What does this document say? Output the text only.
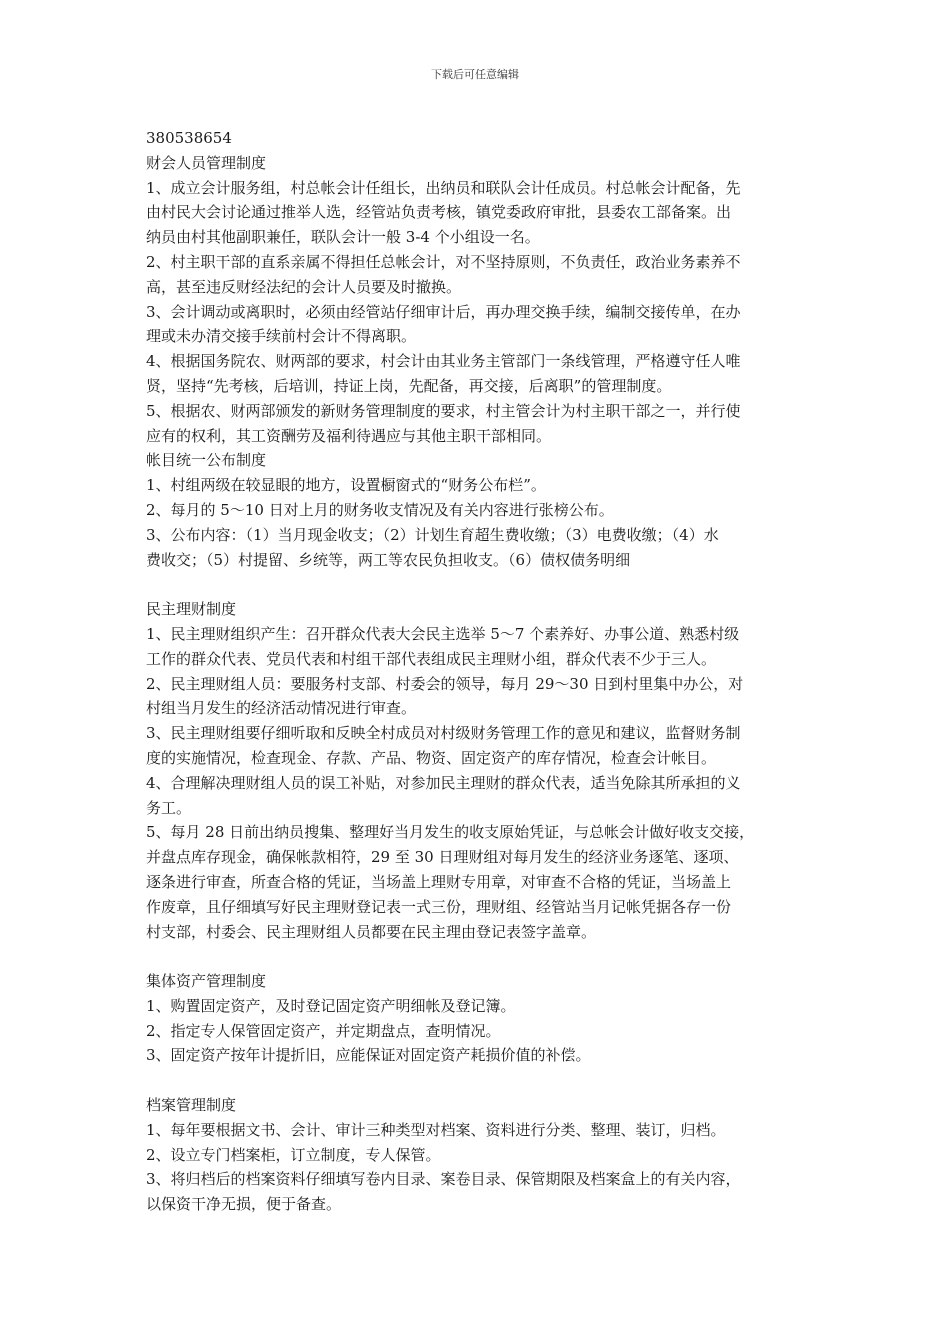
下载后可任意编辑

380538654

财会人员管理制度

1、成立会计服务组，村总帐会计任组长，出纳员和联队会计任成员。村总帐会计配备，先

由村民大会讨论通过推举人选，经管站负责考核，镇党委政府审批，县委农工部备案。出

纳员由村其他副职兼任，联队会计一般 3-4 个小组设一名。

2、村主职干部的直系亲属不得担任总帐会计，对不坚持原则，不负责任，政治业务素养不

高，甚至违反财经法纪的会计人员要及时撤换。

3、会计调动或离职时，必须由经管站仔细审计后，再办理交换手续，编制交接传单，在办

理或未办清交接手续前村会计不得离职。

4、根据国务院农、财两部的要求，村会计由其业务主管部门一条线管理，严格遵守任人唯

贤，坚持“先考核，后培训，持证上岗，先配备，再交接，后离职”的管理制度。

5、根据农、财两部颁发的新财务管理制度的要求，村主管会计为村主职干部之一，并行使

应有的权利，其工资酬劳及福利待遇应与其他主职干部相同。

帐目统一公布制度

1、村组两级在较显眼的地方，设置橱窗式的“财务公布栏”。

2、每月的 5～10 日对上月的财务收支情况及有关内容进行张榜公布。

3、公布内容：（1）当月现金收支；（2）计划生育超生费收缴；（3）电费收缴；（4）水

费收交；（5）村提留、乡统等，两工等农民负担收支。（6）债权债务明细

民主理财制度

1、民主理财组织产生：召开群众代表大会民主选举 5～7 个素养好、办事公道、熟悉村级

工作的群众代表、党员代表和村组干部代表组成民主理财小组，群众代表不少于三人。

2、民主理财组人员：要服务村支部、村委会的领导，每月 29～30 日到村里集中办公，对

村组当月发生的经济活动情况进行审查。

3、民主理财组要仔细听取和反映全村成员对村级财务管理工作的意见和建议，监督财务制

度的实施情况，检查现金、存款、产品、物资、固定资产的库存情况，检查会计帐目。

4、合理解决理财组人员的误工补贴，对参加民主理财的群众代表，适当免除其所承担的义

务工。

5、每月 28 日前出纳员搜集、整理好当月发生的收支原始凭证，与总帐会计做好收支交接，

并盘点库存现金，确保帐款相符，29 至 30 日理财组对每月发生的经济业务逐笔、逐项、

逐条进行审查，所查合格的凭证，当场盖上理财专用章，对审查不合格的凭证，当场盖上

作废章，且仔细填写好民主理财登记表一式三份，理财组、经管站当月记帐凭据各存一份

村支部，村委会、民主理财组人员都要在民主理由登记表签字盖章。

集体资产管理制度

1、购置固定资产，及时登记固定资产明细帐及登记簿。

2、指定专人保管固定资产，并定期盘点，查明情况。

3、固定资产按年计提折旧，应能保证对固定资产耗损价值的补偿。

档案管理制度

1、每年要根据文书、会计、审计三种类型对档案、资料进行分类、整理、装订，归档。

2、设立专门档案柜，订立制度，专人保管。

3、将归档后的档案资料仔细填写卷内目录、案卷目录、保管期限及档案盒上的有关内容，

以保资干净无损，便于备查。
